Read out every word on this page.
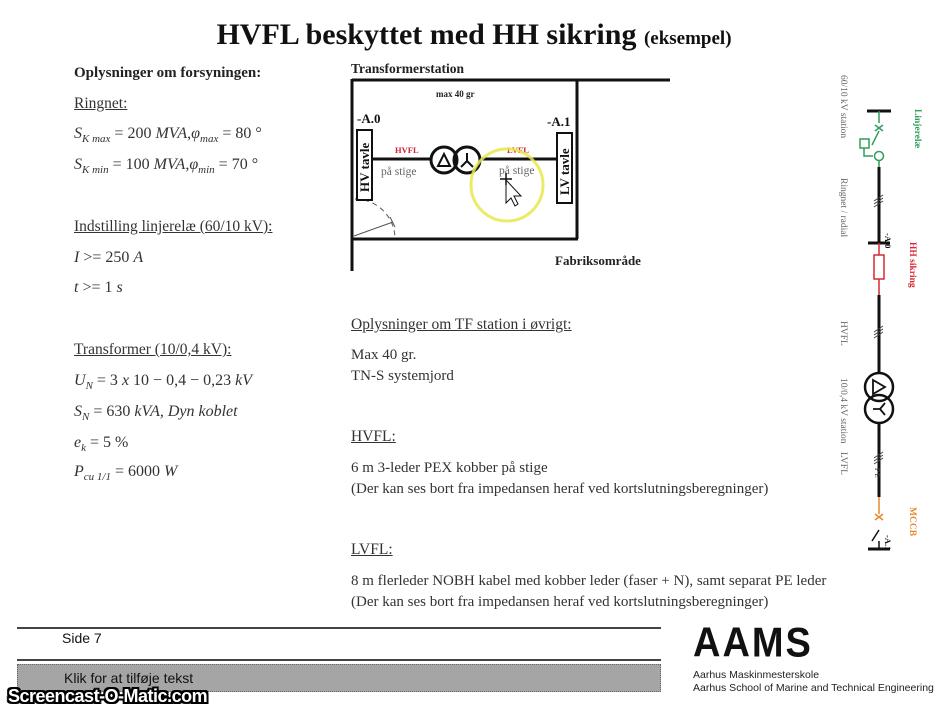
HVFL beskyttet med HH sikring (eksempel)
Oplysninger om forsyningen:
Ringnet:
$S_{K max} = 200$ $MVA,\varphi_{max} = 80$ °
$S_{K min} = 100$ $MVA,\varphi_{min} = 70$ °
Indstilling linjerelæ (60/10 kV):
I >= 250 A
t >= 1 s
Transformer (10/0,4 kV):
$U_N = 3$ x 10 − 0,4 − 0,23 kV
$S_N = 630$ kVA, Dyn koblet
$e_k = 5$ %
$P_{cu 1/1} = 6000$ W
Transformerstation
max 40 gr
-A.0	-A.1
HV tavle	LV tavle
HVFL	LVFL
på stige	på stige
Fabriksområde
Oplysninger om TF station i øvrigt:
Max 40 gr.
TN-S systemjord
HVFL:
6 m 3-leder PEX kobber på stige
(Der kan ses bort fra impedansen heraf ved kortslutningsberegninger)
LVFL:
8 m flerleder NOBH kabel med kobber leder (faser + N), samt separat PE leder
(Der kan ses bort fra impedansen heraf ved kortslutningsberegninger)
60/10 kV station	Linjerelæ
Ringnet / radial
-A.0
HH sikring
HVFL
10/0,4 kV station
LVFL
MCCB
-A.1
P E
Side 7
Klik for at tilføje tekst
AAMS
Aarhus Maskinmesterskole
Aarhus School of Marine and Technical Engineering
Screencast-O-Matic.com
